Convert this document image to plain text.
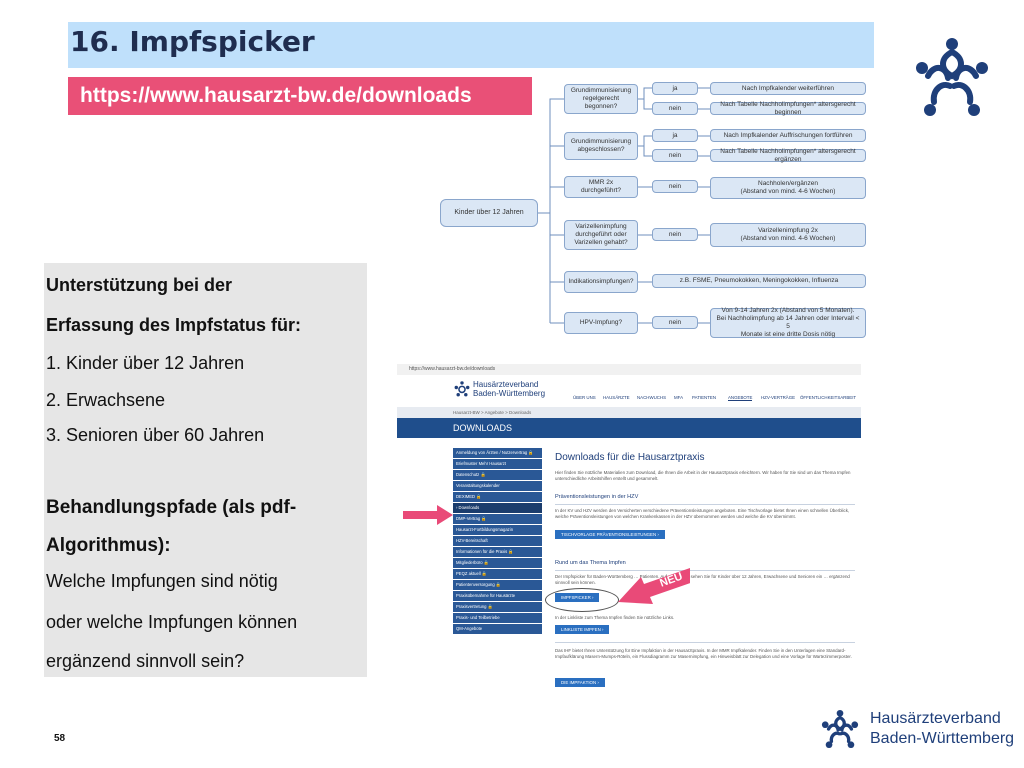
16. Impfspicker
https://www.hausarzt-bw.de/downloads
Kinder über 12 Jahren
Grundimmunisierung
regelgerecht
begonnen?
Grundimmunisierung
abgeschlossen?
MMR 2x durchgeführt?
Varizellenimpfung
durchgeführt oder
Varizellen gehabt?
Indikationsimpfungen?
HPV-Impfung?
ja
nein
ja
nein
nein
nein
z.B. FSME, Pneumokokken, Meningokokken, Influenza
nein
Nach Impfkalender weiterführen
Nach Tabelle Nachholimpfungen* altersgerecht beginnen
Nach Impfkalender Auffrischungen fortführen
Nach Tabelle Nachholimpfungen* altersgerecht ergänzen
Nachholen/ergänzen
(Abstand von mind. 4-6 Wochen)
Varizellenimpfung 2x
(Abstand von mind. 4-6 Wochen)
Von 9-14 Jahren 2x (Abstand von 5 Monaten).
Bei Nachholimpfung ab 14 Jahren oder Intervall < 5
Monate ist eine dritte Dosis nötig
Unterstützung bei der
Erfassung des Impfstatus für:
1. Kinder über 12 Jahren
2. Erwachsene
3. Senioren über 60 Jahren
Behandlungspfade (als pdf-
Algorithmus):
Welche Impfungen sind nötig
oder welche Impfungen können
ergänzend sinnvoll sein?
https://www.hausarzt-bw.de/downloads
Hausärzteverband
Baden-Württemberg	ÜBER UNS HAUSÄRZTE NACHWUCHS MFA PATIENTEN	ANGEBOTE HZV-VERTRÄGE ÖFFENTLICHKEITSARBEIT
Hausarzt-BW > Angebote > Downloads
DOWNLOADS
Anmeldung von Ärzten / Nutzervertrag 🔒
Briefmuster Mehr Hausarzt
Datenschutz 🔒
Veranstaltungskalender
DEXIMED 🔒
› Downloads
DMP-Vertrag 🔒
Hausarzt-Fortbildungsmagazin
HZV-Bereitschaft
Informationen für die Praxis 🔒
Mitgliederbüro 🔒
PEQZ aktuell 🔒
Patientenversorgung 🔒
Praxisübernahme für Hausärzte
Praxisvertretung 🔒
Praxis- und Teilbetriebe
QM-Angebote
Downloads für die Hausarztpraxis
Hier finden Sie nützliche Materialien zum Download, die Ihnen die Arbeit in der Hausarztpraxis erleichtern. Wir haben für Sie sind um das Thema Impfen unterschiedliche Arbeitshilfen erstellt und gesammelt.
Präventionsleistungen in der HZV
In der KV und HZV werden den Versicherten verschiedene Präventionsleistungen angeboten. Eine Tischvorlage bietet Ihnen einen schnellen Überblick, welche Präventionsleistungen von welchen Krankenkassen in der HZV übernommen werden und welche die KV übernimmt.
TISCHVORLAGE PRÄVENTIONSLEISTUNGEN ›
Rund um das Thema Impfen
Der Impfspicker für Baden-Württemberg … Patienten. Auf einen Blick sehen Sie für Kinder über 12 Jahren, Erwachsene und Senioren ein … ergänzend sinnvoll sein können.
IMPFSPICKER ›
In der Linkliste zum Thema Impfen finden Sie nützliche Links.
LINKLISTE IMPFEN ›
Das IHF bietet Ihnen Unterstützung für Eine Impfaktion in der Hausarztpraxis. In der MMR Impfkalender. Finden Sie in den Unterlagen eine Standard-Impfaufklärung Masern-Mumps-Röteln, ein Flussdiagramm zur Masernimpfung, ein Hinweisblatt zur Delegation und eine Vorlage für Wartezimmerposter.
DIE IMPFAKTION ›
NEU
58
Hausärzteverband
Baden-Württemberg
